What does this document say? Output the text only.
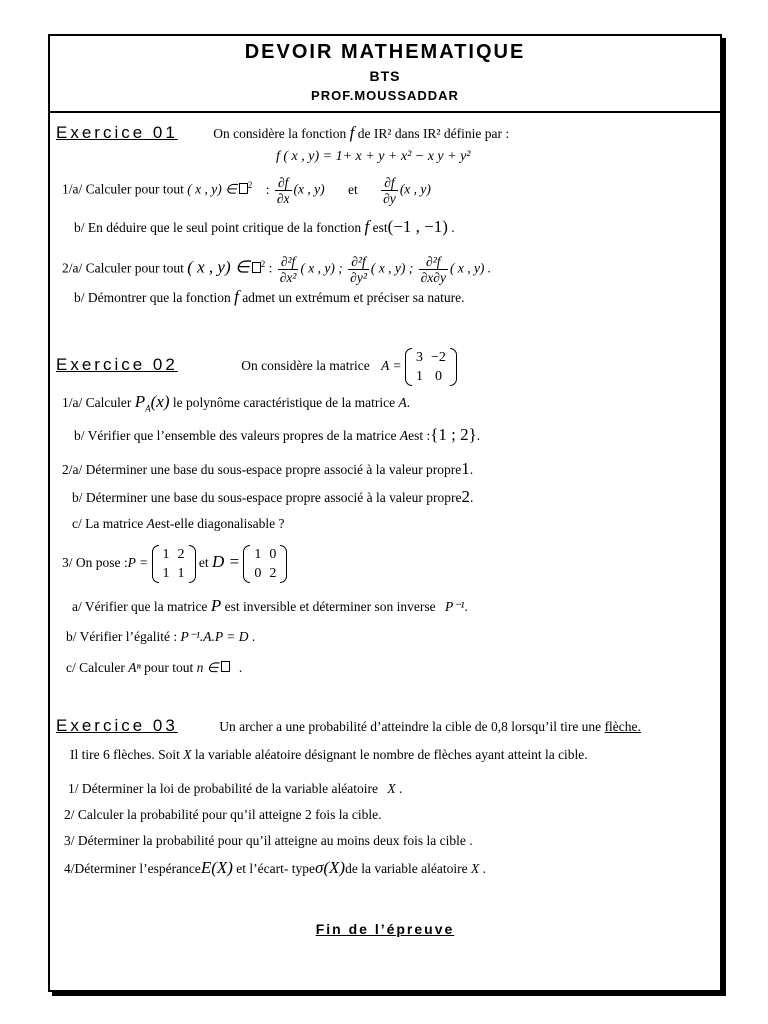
DEVOIR MATHEMATIQUE
BTS
PROF.MOUSSADDAR
Exercice 01	On considère la fonction f de IR² dans IR² définie par :
f ( x , y) = 1+ x + y + x² − x y + y²
1/a/ Calculer pour tout ( x , y) ∈ $^2$ : $\frac{\partial f}{\partial x} (x$ , y) et $\frac{\partial f}{\partial y} (x$ , y)
b/ En déduire que le seul point critique de la fonction f est(−1 , −1) .
2/a/ Calculer pour tout ( x , y) ∈ $^2$ : $\frac{\text{∂²f}}{\text{∂x²}}$ ( x , y) ; $\frac{\text{∂²f}}{\text{∂y²}}$ ( x , y) ; $\frac{\text{∂²f}}{\partial x\partial y}$ ( x , y) .
b/ Démontrer que la fonction f admet un extrémum et préciser sa nature.
Exercice 02	On considère la matrice A =
3	−2
1	0
1/a/ Calculer $P_A(x)$ le polynôme caractéristique de la matrice A.
b/ Vérifier que l’ensemble des valeurs propres de la matrice Aest :{1 ; 2}.
2/a/ Déterminer une base du sous-espace propre associé à la valeur propre1.
b/ Déterminer une base du sous-espace propre associé à la valeur propre2.
c/ La matrice Aest-elle diagonalisable ?
3/ On pose :P =
1	2
1	1
et D = 1	0
0	2
a/ Vérifier que la matrice P est inversible et déterminer son inverse P⁻¹.
b/ Vérifier l’égalité : P⁻¹.A.P = D .
c/ Calculer Aⁿ pour tout n ∈ .
Exercice 03	Un archer a une probabilité d’atteindre la cible de 0,8 lorsqu’il tire une flèche.
Il tire 6 flèches. Soit X la variable aléatoire désignant le nombre de flèches ayant atteint la cible.
1/ Déterminer la loi de probabilité de la variable aléatoire X .
2/ Calculer la probabilité pour qu’il atteigne 2 fois la cible.
3/ Déterminer la probabilité pour qu’il atteigne au moins deux fois la cible .
4/Déterminer l’espéranceE(X) et l’écart- typeσ(X)de la variable aléatoire X .
Fin de l’épreuve
